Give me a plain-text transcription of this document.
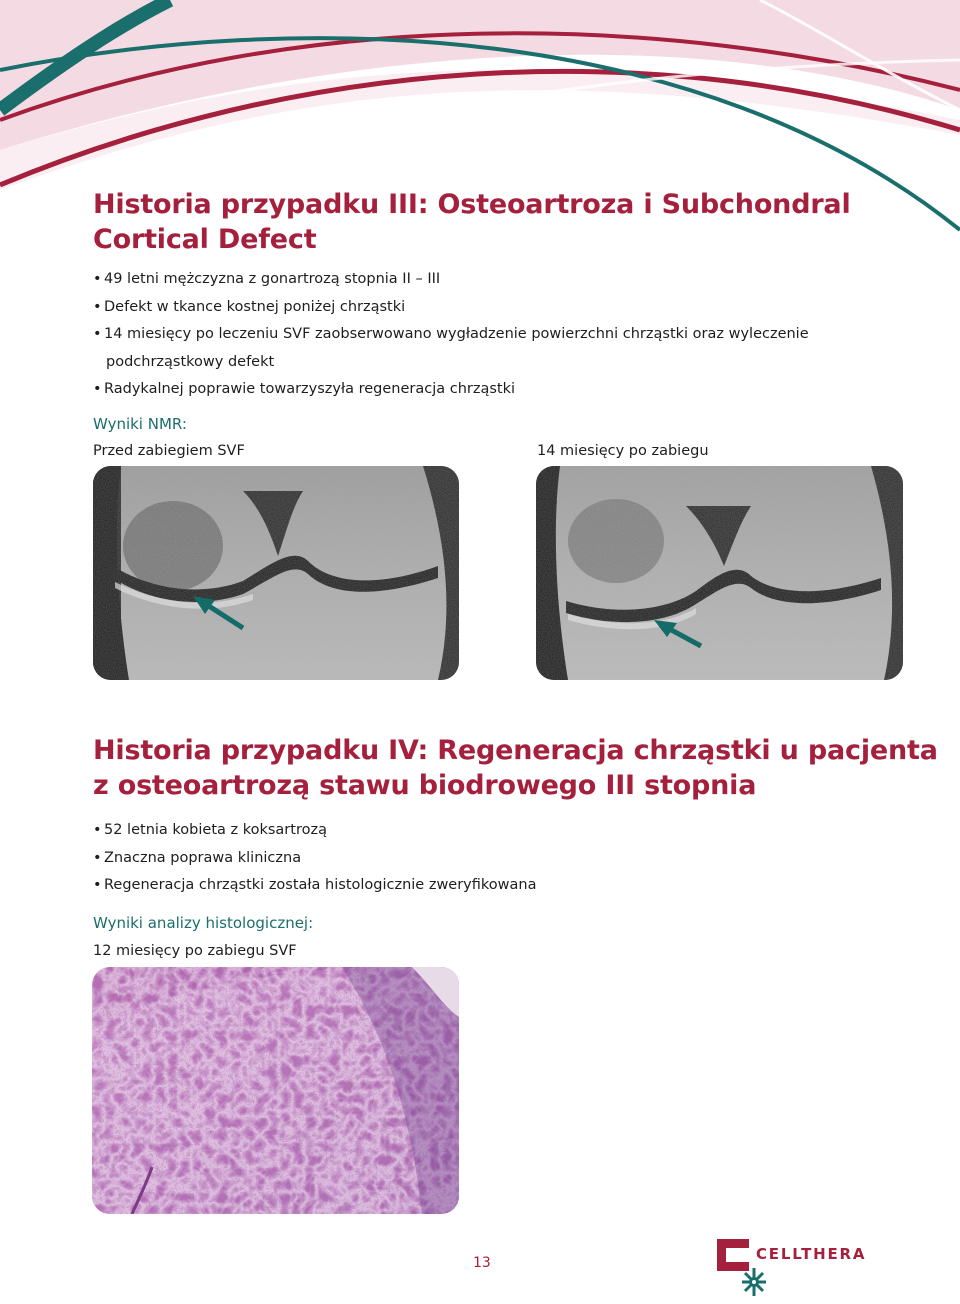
Historia przypadku III: Osteoartroza i Subchondral
Cortical Defect
• 49 letni mężczyzna z gonartrozą stopnia II – III
• Defekt w tkance kostnej poniżej chrząstki
• 14 miesięcy po leczeniu SVF zaobserwowano wygładzenie powierzchni chrząstki oraz wyleczenie
podchrząstkowy defekt
• Radykalnej poprawie towarzyszyła regeneracja chrząstki

Wyniki NMR:

Przed zabiegiem SVF	14 miesięcy po zabiegu

Historia przypadku IV: Regeneracja chrząstki u pacjenta
z osteoartrozą stawu biodrowego III stopnia
• 52 letnia kobieta z koksartrozą
• Znaczna poprawa kliniczna
• Regeneracja chrząstki została histologicznie zweryfikowana

Wyniki analizy histologicznej:

12 miesięcy po zabiegu SVF

13	CELLTHERA
